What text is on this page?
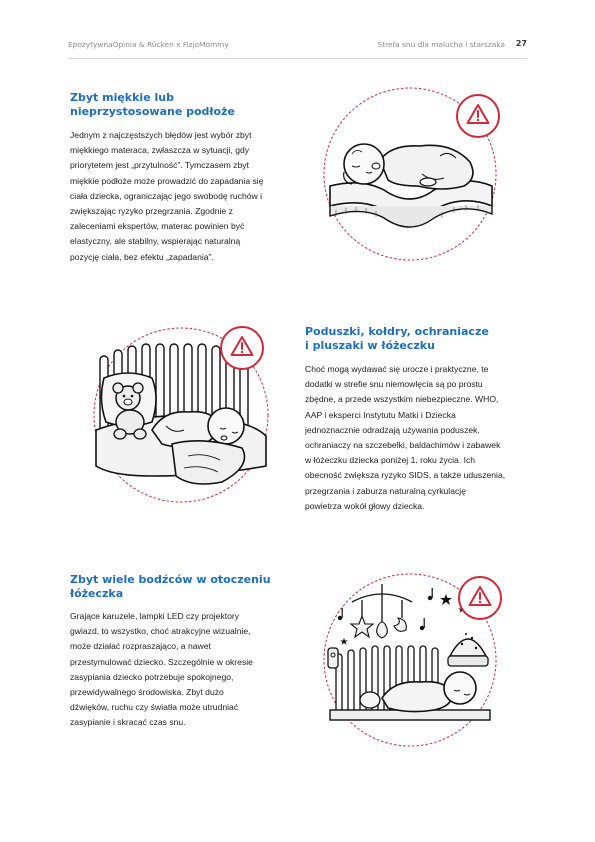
EpozytywnaOpinia & Rücken x FizjoMommy	Strefa snu dla malucha i starszaka 27
Zbyt miękkie lub
nieprzystosowane podłoże

Jednym z najczęstszych błędów jest wybór zbyt

miękkiego materaca, zwłaszcza w sytuacji, gdy

priorytetem jest „przytulność”. Tymczasem zbyt

miękkie podłoże może prowadzić do zapadania się

ciała dziecka, ograniczając jego swobodę ruchów i

zwiększając ryzyko przegrzania. Zgodnie z

zaleceniami ekspertów, materac powinien być

elastyczny, ale stabilny, wspierając naturalną

pozycję ciała, bez efektu „zapadania”.

Poduszki, kołdry, ochraniacze
i pluszaki w łóżeczku

Choć mogą wydawać się urocze i praktyczne, te

dodatki w strefie snu niemowlęcia są po prostu

zbędne, a przede wszystkim niebezpieczne. WHO,

AAP i eksperci Instytutu Matki i Dziecka

jednoznacznie odradzają używania poduszek,

ochraniaczy na szczebelki, baldachimów i zabawek

w łóżeczku dziecka poniżej 1. roku życia. Ich

obecność zwiększa ryzyko SIDS, a także uduszenia,

przegrzania i zaburza naturalną cyrkulację

powietrza wokół głowy dziecka.

Zbyt wiele bodźców w otoczeniu
łóżeczka

Grające karuzele, lampki LED czy projektory

gwiazd, to wszystko, choć atrakcyjne wizualnie,

może działać rozpraszająco, a nawet

przestymulować dziecko. Szczególnie w okresie

zasypiania dziecko potrzebuje spokojnego,

przewidywalnego środowiska. Zbyt dużo

dźwięków, ruchu czy światła może utrudniać

zasypianie i skracać czas snu.
